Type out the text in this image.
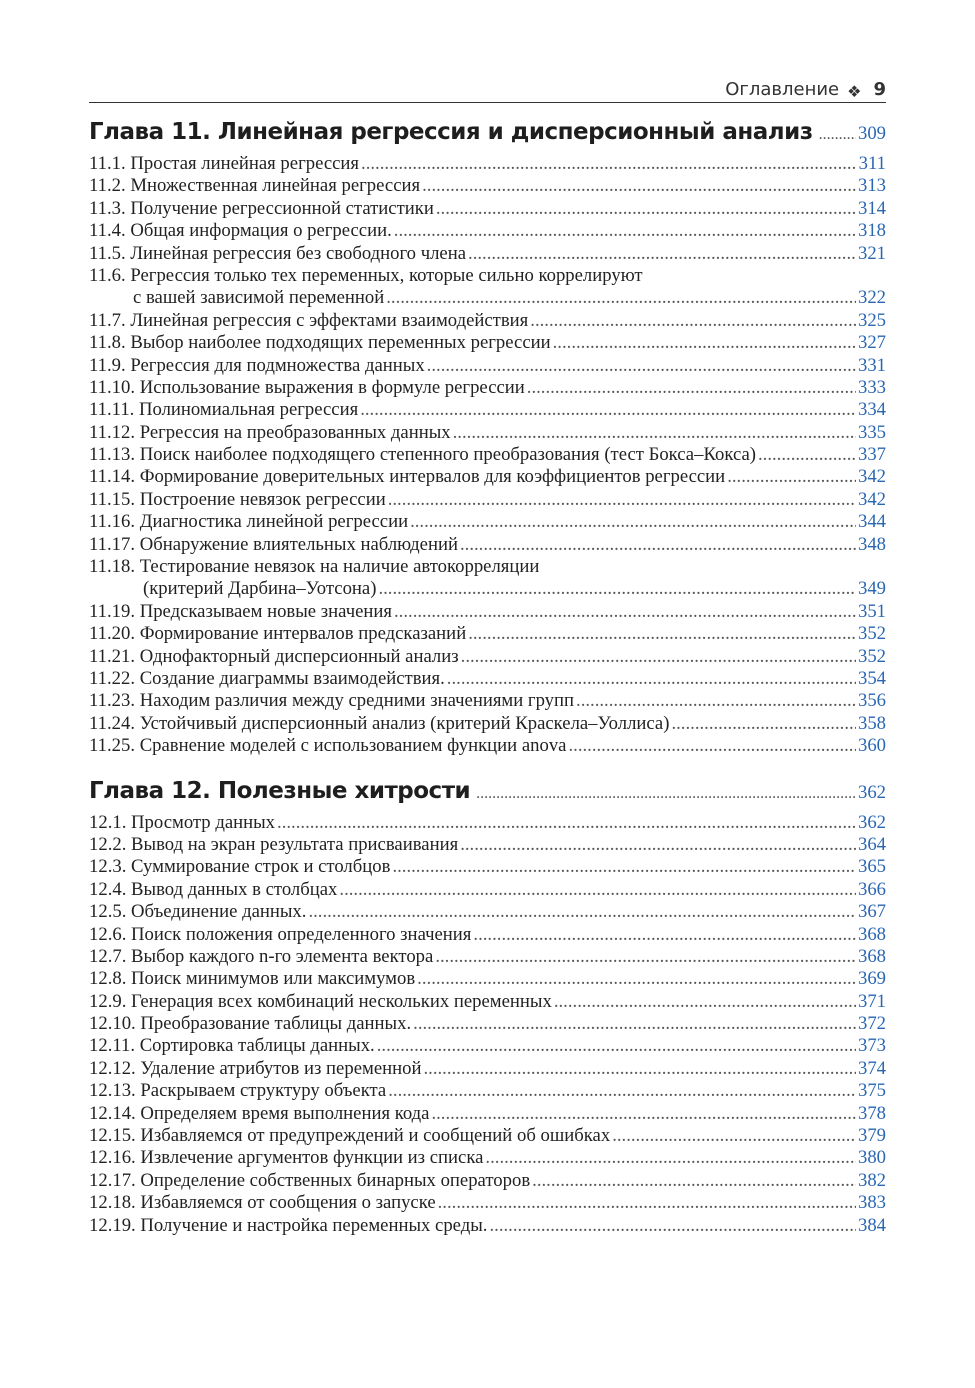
Оглавление ❖ 9
Глава 11. Линейная регрессия и дисперсионный анализ ..... 309
11.1. Простая линейная регрессия .....	311
11.2. Множественная линейная регрессия .....	313
11.3. Получение регрессионной статистики .....	314
11.4. Общая информация о регрессии. .....	318
11.5. Линейная регрессия без свободного члена .....	321
11.6. Регрессия только тех переменных, которые сильно коррелируют
с вашей зависимой переменной .....	322
11.7. Линейная регрессия с эффектами взаимодействия .....	325
11.8. Выбор наиболее подходящих переменных регрессии .....	327
11.9. Регрессия для подмножества данных .....	331
11.10. Использование выражения в формуле регрессии .....	333
11.11. Полиномиальная регрессия .....	334
11.12. Регрессия на преобразованных данных .....	335
11.13. Поиск наиболее подходящего степенного преобразования (тест Бокса–Кокса) .....	337
11.14. Формирование доверительных интервалов для коэффициентов регрессии .....	342
11.15. Построение невязок регрессии .....	342
11.16. Диагностика линейной регрессии .....	344
11.17. Обнаружение влиятельных наблюдений .....	348
11.18. Тестирование невязок на наличие автокорреляции
(критерий Дарбина–Уотсона) .....	349
11.19. Предсказываем новые значения .....	351
11.20. Формирование интервалов предсказаний .....	352
11.21. Однофакторный дисперсионный анализ .....	352
11.22. Создание диаграммы взаимодействия. .....	354
11.23. Находим различия между средними значениями групп .....	356
11.24. Устойчивый дисперсионный анализ (критерий Краскела–Уоллиса) .....	358
11.25. Сравнение моделей с использованием функции anova .....	360
Глава 12. Полезные хитрости .....	362
12.1. Просмотр данных .....	362
12.2. Вывод на экран результата присваивания .....	364
12.3. Суммирование строк и столбцов .....	365
12.4. Вывод данных в столбцах .....	366
12.5. Объединение данных. .....	367
12.6. Поиск положения определенного значения .....	368
12.7. Выбор каждого n-го элемента вектора .....	368
12.8. Поиск минимумов или максимумов .....	369
12.9. Генерация всех комбинаций нескольких переменных .....	371
12.10. Преобразование таблицы данных. .....	372
12.11. Сортировка таблицы данных. .....	373
12.12. Удаление атрибутов из переменной .....	374
12.13. Раскрываем структуру объекта .....	375
12.14. Определяем время выполнения кода .....	378
12.15. Избавляемся от предупреждений и сообщений об ошибках .....	379
12.16. Извлечение аргументов функции из списка .....	380
12.17. Определение собственных бинарных операторов .....	382
12.18. Избавляемся от сообщения о запуске .....	383
12.19. Получение и настройка переменных среды. .....	384
